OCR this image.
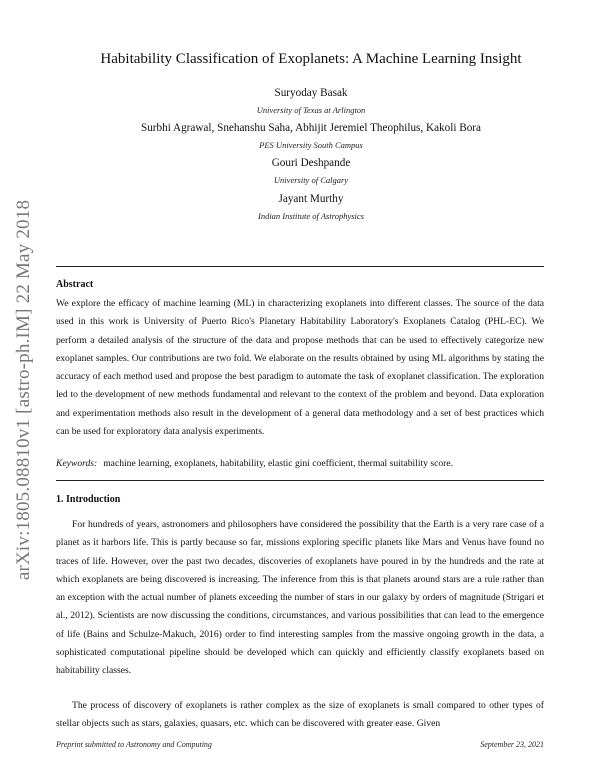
arXiv:1805.08810v1 [astro-ph.IM] 22 May 2018
Habitability Classification of Exoplanets: A Machine Learning Insight
Suryoday Basak
University of Texas at Arlington
Surbhi Agrawal, Snehanshu Saha, Abhijit Jeremiel Theophilus, Kakoli Bora
PES University South Campus
Gouri Deshpande
University of Calgary
Jayant Murthy
Indian Institute of Astrophysics
Abstract
We explore the efficacy of machine learning (ML) in characterizing exoplanets into different classes. The source of the data used in this work is University of Puerto Rico's Planetary Habitability Laboratory's Exoplanets Catalog (PHL-EC). We perform a detailed analysis of the structure of the data and propose methods that can be used to effectively categorize new exoplanet samples. Our contributions are two fold. We elaborate on the results obtained by using ML algorithms by stating the accuracy of each method used and propose the best paradigm to automate the task of exoplanet classification. The exploration led to the development of new methods fundamental and relevant to the context of the problem and beyond. Data exploration and experimentation methods also result in the development of a general data methodology and a set of best practices which can be used for exploratory data analysis experiments.
Keywords: machine learning, exoplanets, habitability, elastic gini coefficient, thermal suitability score.
1. Introduction
For hundreds of years, astronomers and philosophers have considered the possibility that the Earth is a very rare case of a planet as it harbors life. This is partly because so far, missions exploring specific planets like Mars and Venus have found no traces of life. However, over the past two decades, discoveries of exoplanets have poured in by the hundreds and the rate at which exoplanets are being discovered is increasing. The inference from this is that planets around stars are a rule rather than an exception with the actual number of planets exceeding the number of stars in our galaxy by orders of magnitude (Strigari et al., 2012). Scientists are now discussing the conditions, circumstances, and various possibilities that can lead to the emergence of life (Bains and Schulze-Makuch, 2016) order to find interesting samples from the massive ongoing growth in the data, a sophisticated computational pipeline should be developed which can quickly and efficiently classify exoplanets based on habitability classes.
The process of discovery of exoplanets is rather complex as the size of exoplanets is small compared to other types of stellar objects such as stars, galaxies, quasars, etc. which can be discovered with greater ease. Given
Preprint submitted to Astronomy and Computing	September 23, 2021
